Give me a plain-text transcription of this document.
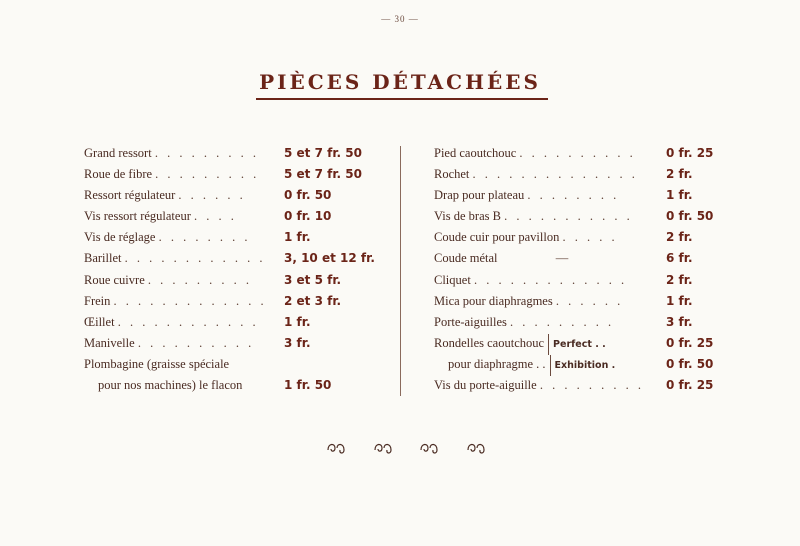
— 30 —
PIÈCES DÉTACHÉES
Grand ressort . . . . . . . . . 5 et 7 fr. 50
Roue de fibre . . . . . . . . . 5 et 7 fr. 50
Ressort régulateur . . . . . .	0 fr. 50
Vis ressort régulateur . . . .	0 fr. 10
Vis de réglage . . . . . . . .	1 fr.
Barillet . . . . . . . . . . . . 3, 10 et 12 fr.
Roue cuivre . . . . . . . . .	3 et 5 fr.
Frein . . . . . . . . . . . . . 2 et 3 fr.
Œillet . . . . . . . . . . . . 1 fr.
Manivelle . . . . . . . . . . 3 fr.
Plombagine (graisse spéciale
pour nos machines) le flacon	1 fr. 50
Pied caoutchouc . . . . . . . . . .	0 fr. 25
Rochet . . . . . . . . . . . . . . 2 fr.
Drap pour plateau . . . . . . . .	1 fr.
Vis de bras B . . . . . . . . . . .	0 fr. 50
Coude cuir pour pavillon . . . . .	2 fr.
Coude métal          —	6 fr.
Cliquet . . . . . . . . . . . . .	2 fr.
Mica pour diaphragmes . . . . . .	1 fr.
Porte-aiguilles . . . . . . . . .	3 fr.
Rondelles caoutchouc Perfect . .	0 fr. 25
pour diaphragme . . Exhibition .	0 fr. 50
Vis du porte-aiguille . . . . . . . . . 0 fr. 25
